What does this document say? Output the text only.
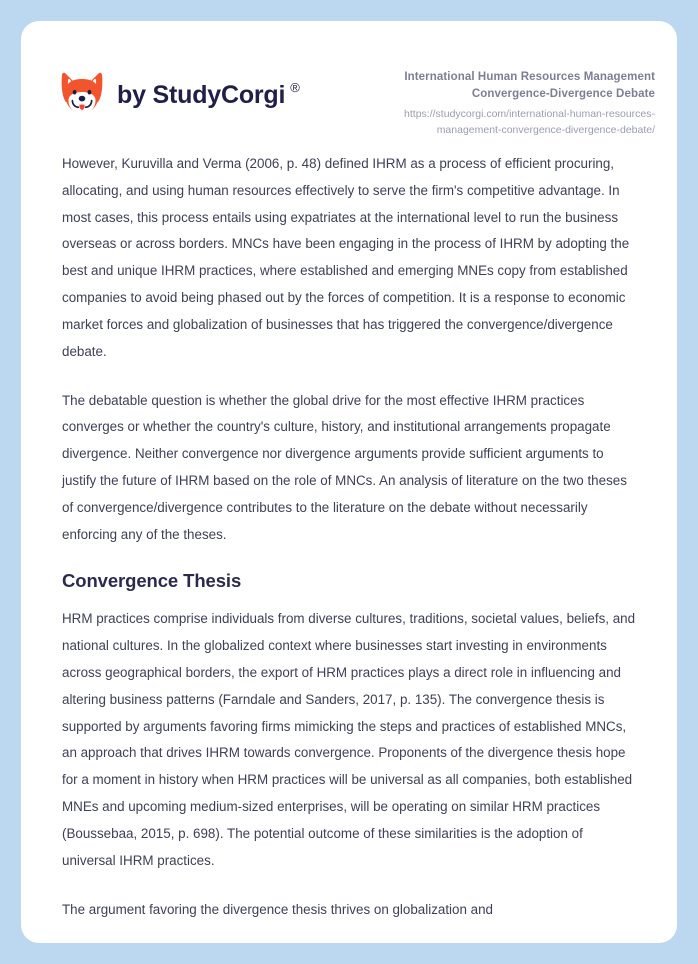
by StudyCorgi ®
International Human Resources Management Convergence-Divergence Debate
https://studycorgi.com/international-human-resources-management-convergence-divergence-debate/

However, Kuruvilla and Verma (2006, p. 48) defined IHRM as a process of efficient procuring, allocating, and using human resources effectively to serve the firm's competitive advantage. In most cases, this process entails using expatriates at the international level to run the business overseas or across borders. MNCs have been engaging in the process of IHRM by adopting the best and unique IHRM practices, where established and emerging MNEs copy from established companies to avoid being phased out by the forces of competition. It is a response to economic market forces and globalization of businesses that has triggered the convergence/divergence debate.

The debatable question is whether the global drive for the most effective IHRM practices converges or whether the country's culture, history, and institutional arrangements propagate divergence. Neither convergence nor divergence arguments provide sufficient arguments to justify the future of IHRM based on the role of MNCs. An analysis of literature on the two theses of convergence/divergence contributes to the literature on the debate without necessarily enforcing any of the theses.

Convergence Thesis

HRM practices comprise individuals from diverse cultures, traditions, societal values, beliefs, and national cultures. In the globalized context where businesses start investing in environments across geographical borders, the export of HRM practices plays a direct role in influencing and altering business patterns (Farndale and Sanders, 2017, p. 135). The convergence thesis is supported by arguments favoring firms mimicking the steps and practices of established MNCs, an approach that drives IHRM towards convergence. Proponents of the divergence thesis hope for a moment in history when HRM practices will be universal as all companies, both established MNEs and upcoming medium-sized enterprises, will be operating on similar HRM practices (Boussebaa, 2015, p. 698). The potential outcome of these similarities is the adoption of universal IHRM practices.

The argument favoring the divergence thesis thrives on globalization and
